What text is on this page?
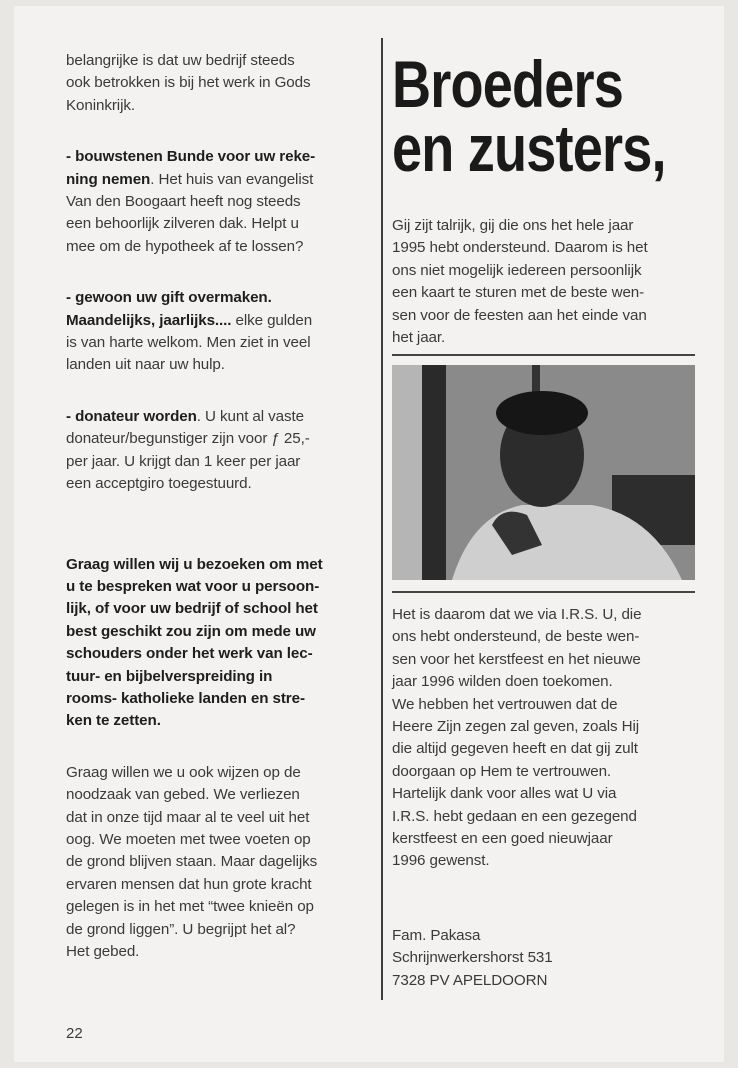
belangrijke is dat uw bedrijf steeds
ook betrokken is bij het werk in Gods
Koninkrijk.
- bouwstenen Bunde voor uw reke-
ning nemen. Het huis van evangelist
Van den Boogaart heeft nog steeds
een behoorlijk zilveren dak. Helpt u
mee om de hypotheek af te lossen?
- gewoon uw gift overmaken.
Maandelijks, jaarlijks.... elke gulden
is van harte welkom. Men ziet in veel
landen uit naar uw hulp.
- donateur worden. U kunt al vaste
donateur/begunstiger zijn voor ƒ 25,-
per jaar. U krijgt dan 1 keer per jaar
een acceptgiro toegestuurd.
Graag willen wij u bezoeken om met
u te bespreken wat voor u persoon-
lijk, of voor uw bedrijf of school het
best geschikt zou zijn om mede uw
schouders onder het werk van lec-
tuur- en bijbelverspreiding in
rooms- katholieke landen en stre-
ken te zetten.
Graag willen we u ook wijzen op de
noodzaak van gebed. We verliezen
dat in onze tijd maar al te veel uit het
oog. We moeten met twee voeten op
de grond blijven staan. Maar dagelijks
ervaren mensen dat hun grote kracht
gelegen is in het met “twee knieën op
de grond liggen”. U begrijpt het al?
Het gebed.
Broeders
en zusters,
Gij zijt talrijk, gij die ons het hele jaar
1995 hebt ondersteund. Daarom is het
ons niet mogelijk iedereen persoonlijk
een kaart te sturen met de beste wen-
sen voor de feesten aan het einde van
het jaar.
Het is daarom dat we via I.R.S. U, die
ons hebt ondersteund, de beste wen-
sen voor het kerstfeest en het nieuwe
jaar 1996 wilden doen toekomen.
We hebben het vertrouwen dat de
Heere Zijn zegen zal geven, zoals Hij
die altijd gegeven heeft en dat gij zult
doorgaan op Hem te vertrouwen.
Hartelijk dank voor alles wat U via
I.R.S. hebt gedaan en een gezegend
kerstfeest en een goed nieuwjaar
1996 gewenst.
Fam. Pakasa
Schrijnwerkershorst 531
7328 PV APELDOORN
22
